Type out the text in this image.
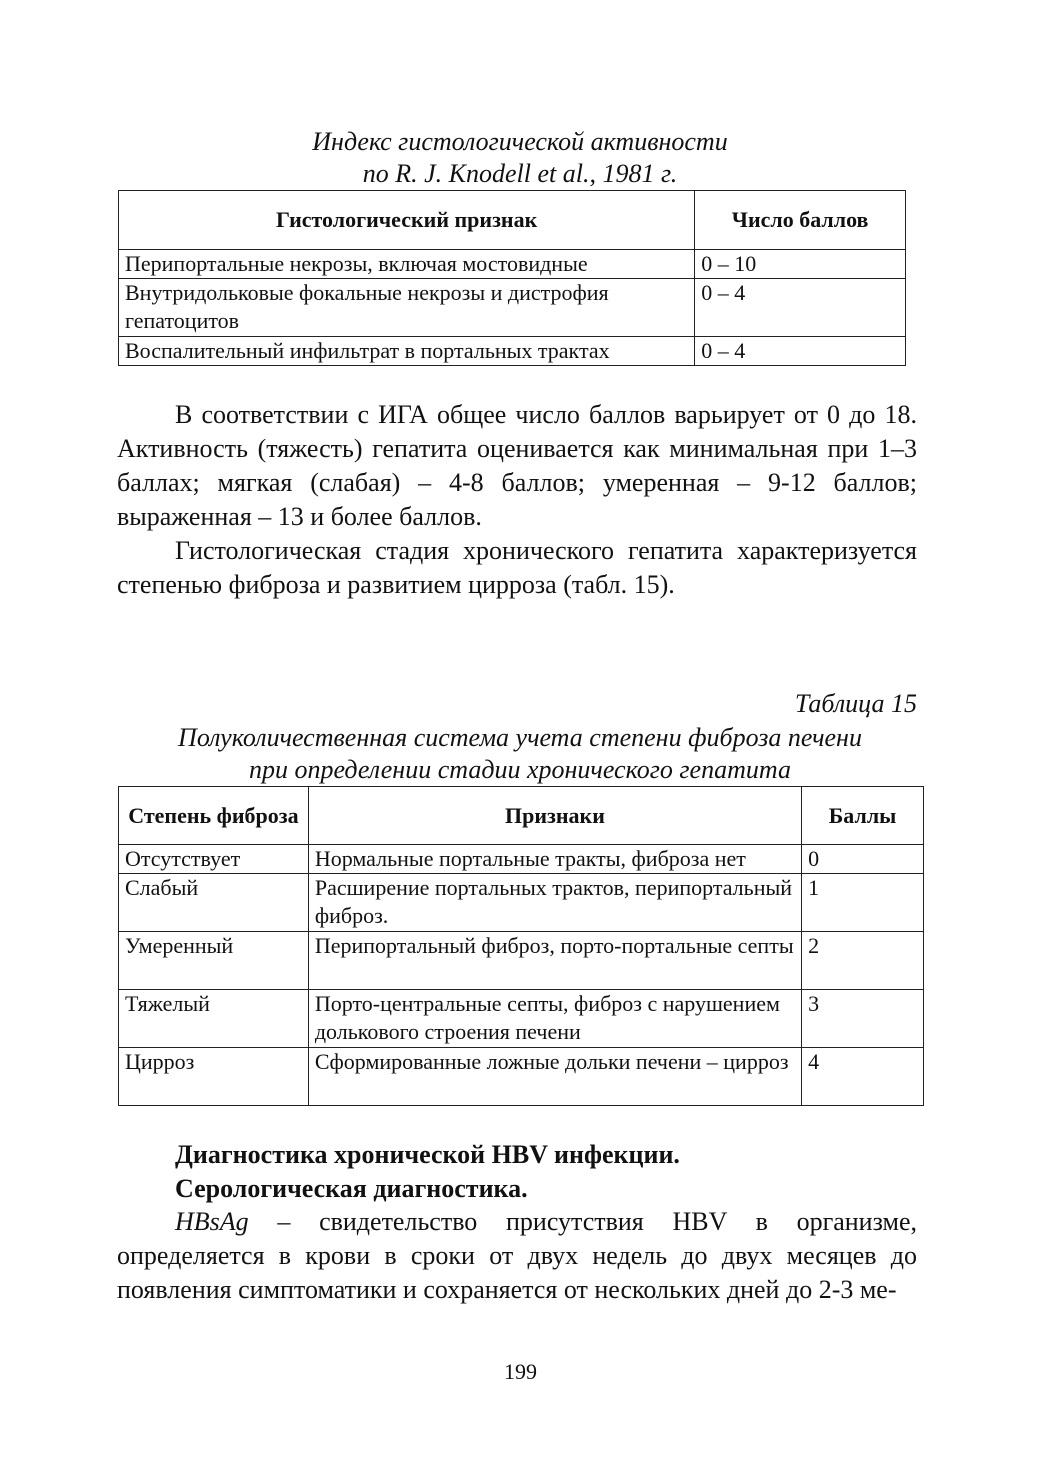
Индекс гистологической активности
по R. J. Knodell et al., 1981 г.
Гистологический признак	Число баллов
Перипортальные некрозы, включая мостовидные	0 – 10
Внутридольковые фокальные некрозы и дистрофия гепатоцитов	0 – 4
Воспалительный инфильтрат в портальных трактах	0 – 4
В соответствии с ИГА общее число баллов варьирует от 0 до 18. Активность (тяжесть) гепатита оценивается как минимальная при 1–3 баллах; мягкая (слабая) – 4-8 баллов; умеренная – 9-12 баллов; выраженная – 13 и более баллов.
Гистологическая стадия хронического гепатита характеризуется степенью фиброза и развитием цирроза (табл. 15).
Таблица 15
Полуколичественная система учета степени фиброза печени
при определении стадии хронического гепатита
Степень фиброза	Признаки	Баллы
Отсутствует	Нормальные портальные тракты, фиброза нет	0
Слабый	Расширение портальных трактов, перипортальный фиброз.	1
Умеренный	Перипортальный фиброз, порто-портальные септы	2
Тяжелый	Порто-центральные септы, фиброз с нарушением долькового строения печени	3
Цирроз	Сформированные ложные дольки печени – цирроз	4
Диагностика хронической HBV инфекции.
Серологическая диагностика.
HBsAg – свидетельство присутствия HBV в организме, определяется в крови в сроки от двух недель до двух месяцев до появления симптоматики и сохраняется от нескольких дней до 2-3 ме-
199
